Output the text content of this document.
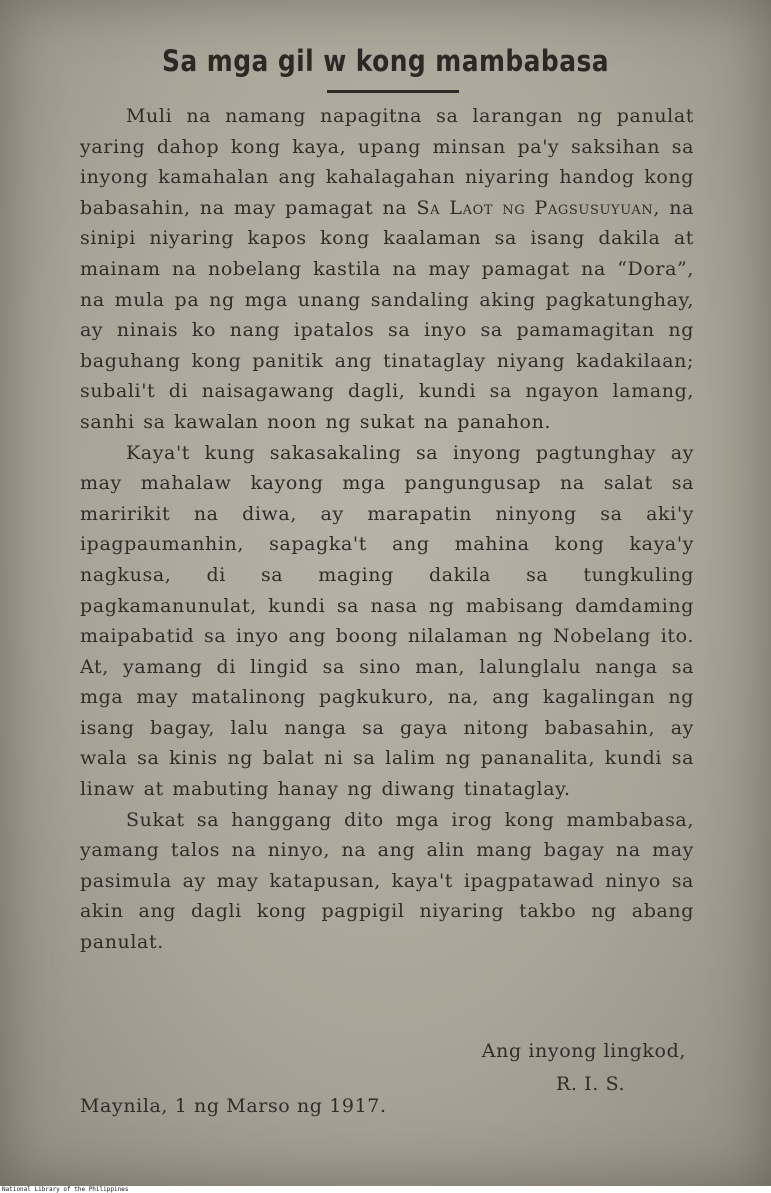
Sa mga gil w kong mambabasa

Muli na namang napagitna sa larangan ng panulat yaring dahop kong kaya, upang minsan pa'y saksihan sa inyong kamahalan ang kahalagahan niyaring handog kong babasahin, na may pamagat na Sa Laot ng Pagsusuyuan, na sinipi niyaring kapos kong kaalaman sa isang dakila at mainam na nobelang kastila na may pamagat na “Dora”, na mula pa ng mga unang sandaling aking pagkatunghay, ay ninais ko nang ipatalos sa inyo sa pamamagitan ng baguhang kong panitik ang tinataglay niyang kadakilaan; subali't di naisagawang dagli, kundi sa ngayon lamang, sanhi sa kawalan noon ng sukat na panahon.

Kaya't kung sakasakaling sa inyong pagtunghay ay may mahalaw kayong mga pangungusap na salat sa maririkit na diwa, ay marapatin ninyong sa aki'y ipagpaumanhin, sapagka't ang mahina kong kaya'y nagkusa, di sa maging dakila sa tungkuling pagkamanunulat, kundi sa nasa ng mabisang damdaming maipabatid sa inyo ang boong nilalaman ng Nobelang ito. At, yamang di lingid sa sino man, lalunglalu nanga sa mga may matalinong pagkukuro, na, ang kagalingan ng isang bagay, lalu nanga sa gaya nitong babasahin, ay wala sa kinis ng balat ni sa lalim ng pananalita, kundi sa linaw at mabuting hanay ng diwang tinataglay.

Sukat sa hanggang dito mga irog kong mambabasa, yamang talos na ninyo, na ang alin mang bagay na may pasimula ay may katapusan, kaya't ipagpatawad ninyo sa akin ang dagli kong pagpigil niyaring takbo ng abang panulat.

Ang inyong lingkod,
R. I. S.
Maynila, 1 ng Marso ng 1917.
National Library of the Philippines
